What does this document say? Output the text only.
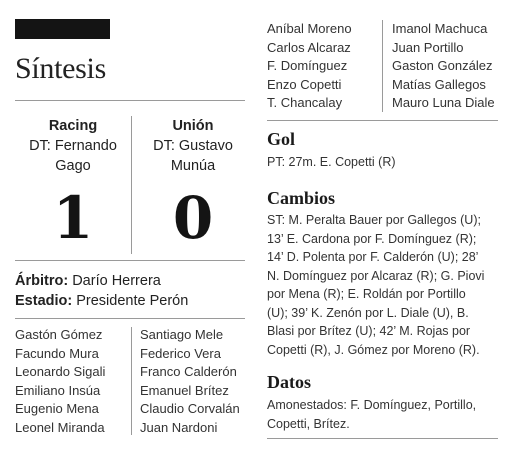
Síntesis
Racing
DT: Fernando
Gago
Unión
DT: Gustavo
Munúa
1	0
Árbitro: Darío Herrera
Estadio: Presidente Perón
Gastón Gómez
Facundo Mura
Leonardo Sigali
Emiliano Insúa
Eugenio Mena
Leonel Miranda
Santiago Mele
Federico Vera
Franco Calderón
Emanuel Brítez
Claudio Corvalán
Juan Nardoni
Aníbal Moreno
Carlos Alcaraz
F. Domínguez
Enzo Copetti
T. Chancalay
Imanol Machuca
Juan Portillo
Gaston González
Matías Gallegos
Mauro Luna Diale
Gol
PT: 27m. E. Copetti (R)
Cambios
ST: M. Peralta Bauer por Gallegos (U);
13’ E. Cardona por F. Domínguez (R);
14’ D. Polenta por F. Calderón (U); 28’
N. Domínguez por Alcaraz (R); G. Piovi
por Mena (R); E. Roldán por Portillo
(U); 39’ K. Zenón por L. Diale (U), B.
Blasi por Brítez (U); 42’ M. Rojas por
Copetti (R), J. Gómez por Moreno (R).
Datos
Amonestados: F. Domínguez, Portillo,
Copetti, Brítez.
